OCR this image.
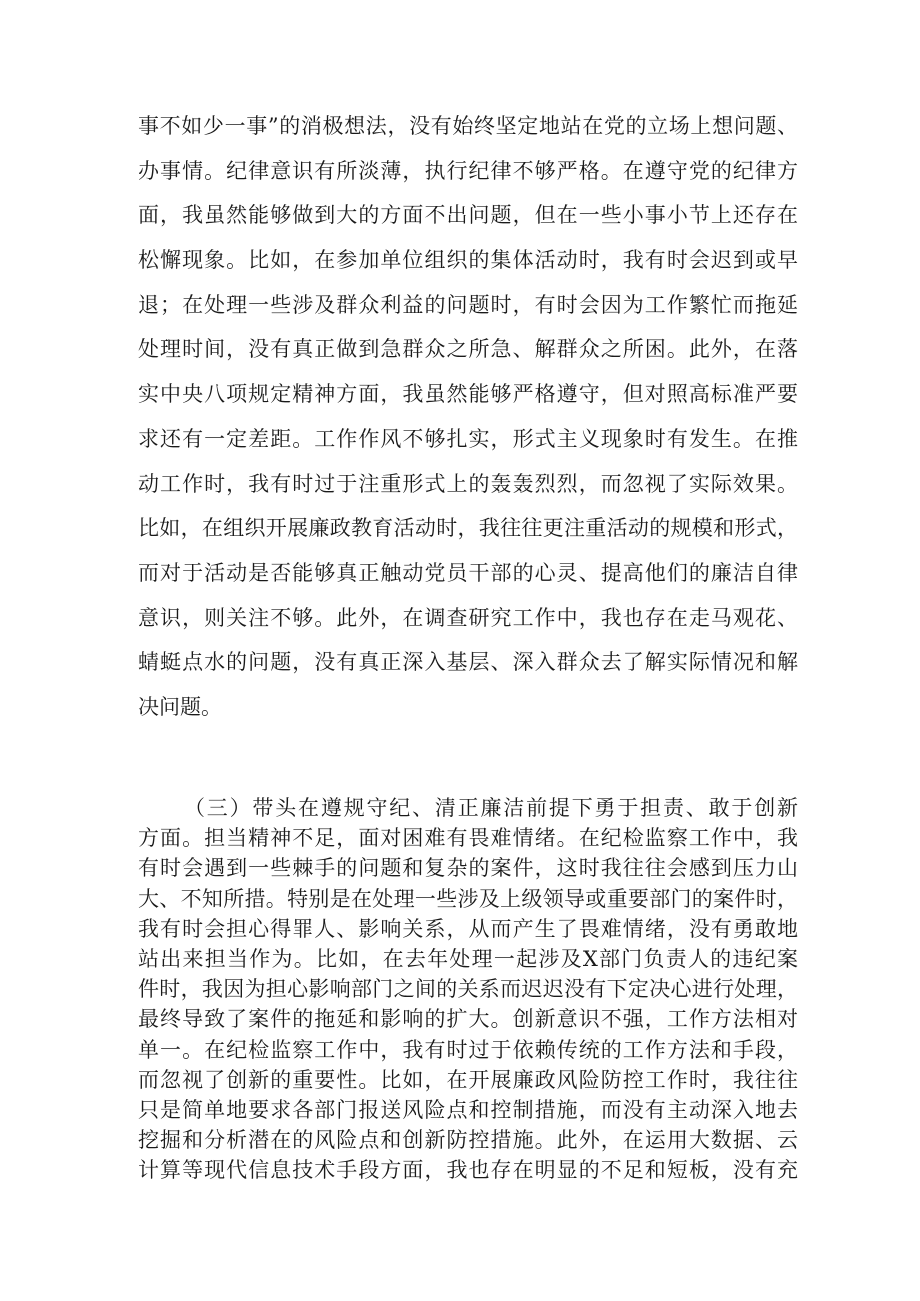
事不如少一事”的消极想法，没有始终坚定地站在党的立场上想问题、
办事情。纪律意识有所淡薄，执行纪律不够严格。在遵守党的纪律方
面，我虽然能够做到大的方面不出问题，但在一些小事小节上还存在
松懈现象。比如，在参加单位组织的集体活动时，我有时会迟到或早
退；在处理一些涉及群众利益的问题时，有时会因为工作繁忙而拖延
处理时间，没有真正做到急群众之所急、解群众之所困。此外，在落
实中央八项规定精神方面，我虽然能够严格遵守，但对照高标准严要
求还有一定差距。工作作风不够扎实，形式主义现象时有发生。在推
动工作时，我有时过于注重形式上的轰轰烈烈，而忽视了实际效果。
比如，在组织开展廉政教育活动时，我往往更注重活动的规模和形式，
而对于活动是否能够真正触动党员干部的心灵、提高他们的廉洁自律
意识，则关注不够。此外，在调查研究工作中，我也存在走马观花、
蜻蜓点水的问题，没有真正深入基层、深入群众去了解实际情况和解
决问题。
（三）带头在遵规守纪、清正廉洁前提下勇于担责、敢于创新
方面。担当精神不足，面对困难有畏难情绪。在纪检监察工作中，我
有时会遇到一些棘手的问题和复杂的案件，这时我往往会感到压力山
大、不知所措。特别是在处理一些涉及上级领导或重要部门的案件时，
我有时会担心得罪人、影响关系，从而产生了畏难情绪，没有勇敢地
站出来担当作为。比如，在去年处理一起涉及X部门负责人的违纪案
件时，我因为担心影响部门之间的关系而迟迟没有下定决心进行处理，
最终导致了案件的拖延和影响的扩大。创新意识不强，工作方法相对
单一。在纪检监察工作中，我有时过于依赖传统的工作方法和手段，
而忽视了创新的重要性。比如，在开展廉政风险防控工作时，我往往
只是简单地要求各部门报送风险点和控制措施，而没有主动深入地去
挖掘和分析潜在的风险点和创新防控措施。此外，在运用大数据、云
计算等现代信息技术手段方面，我也存在明显的不足和短板，没有充
